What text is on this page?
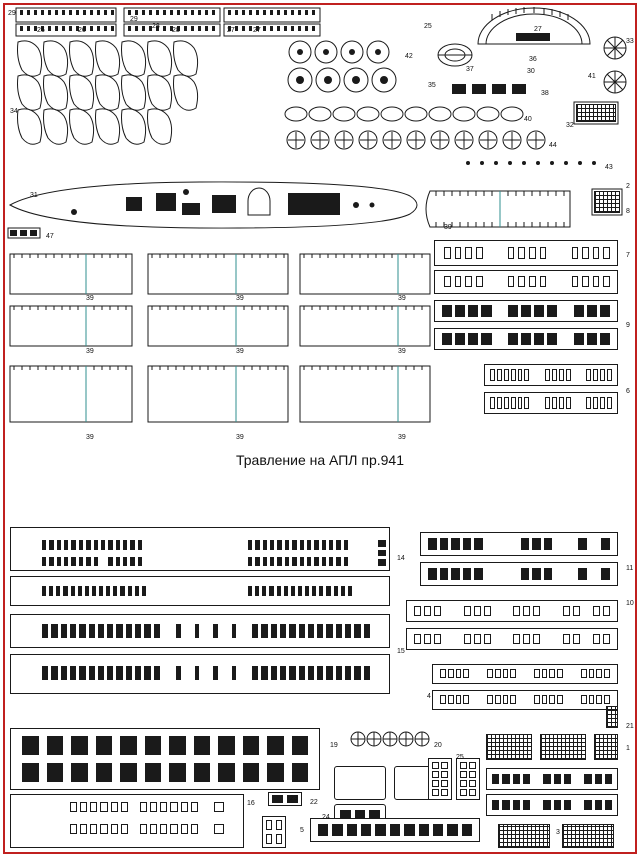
Травление на АПЛ пр.941
29
26	26
29
28
28	27	27
25	27
33
36
30
42
37
41
35
38
34
40
32
44
43
31
2
8
47
39
7
39	39	39
39	39	39
9
39	39	39
6
14
11
10
15
4
21
19	20
25
1
16	22
23
24
5	3
